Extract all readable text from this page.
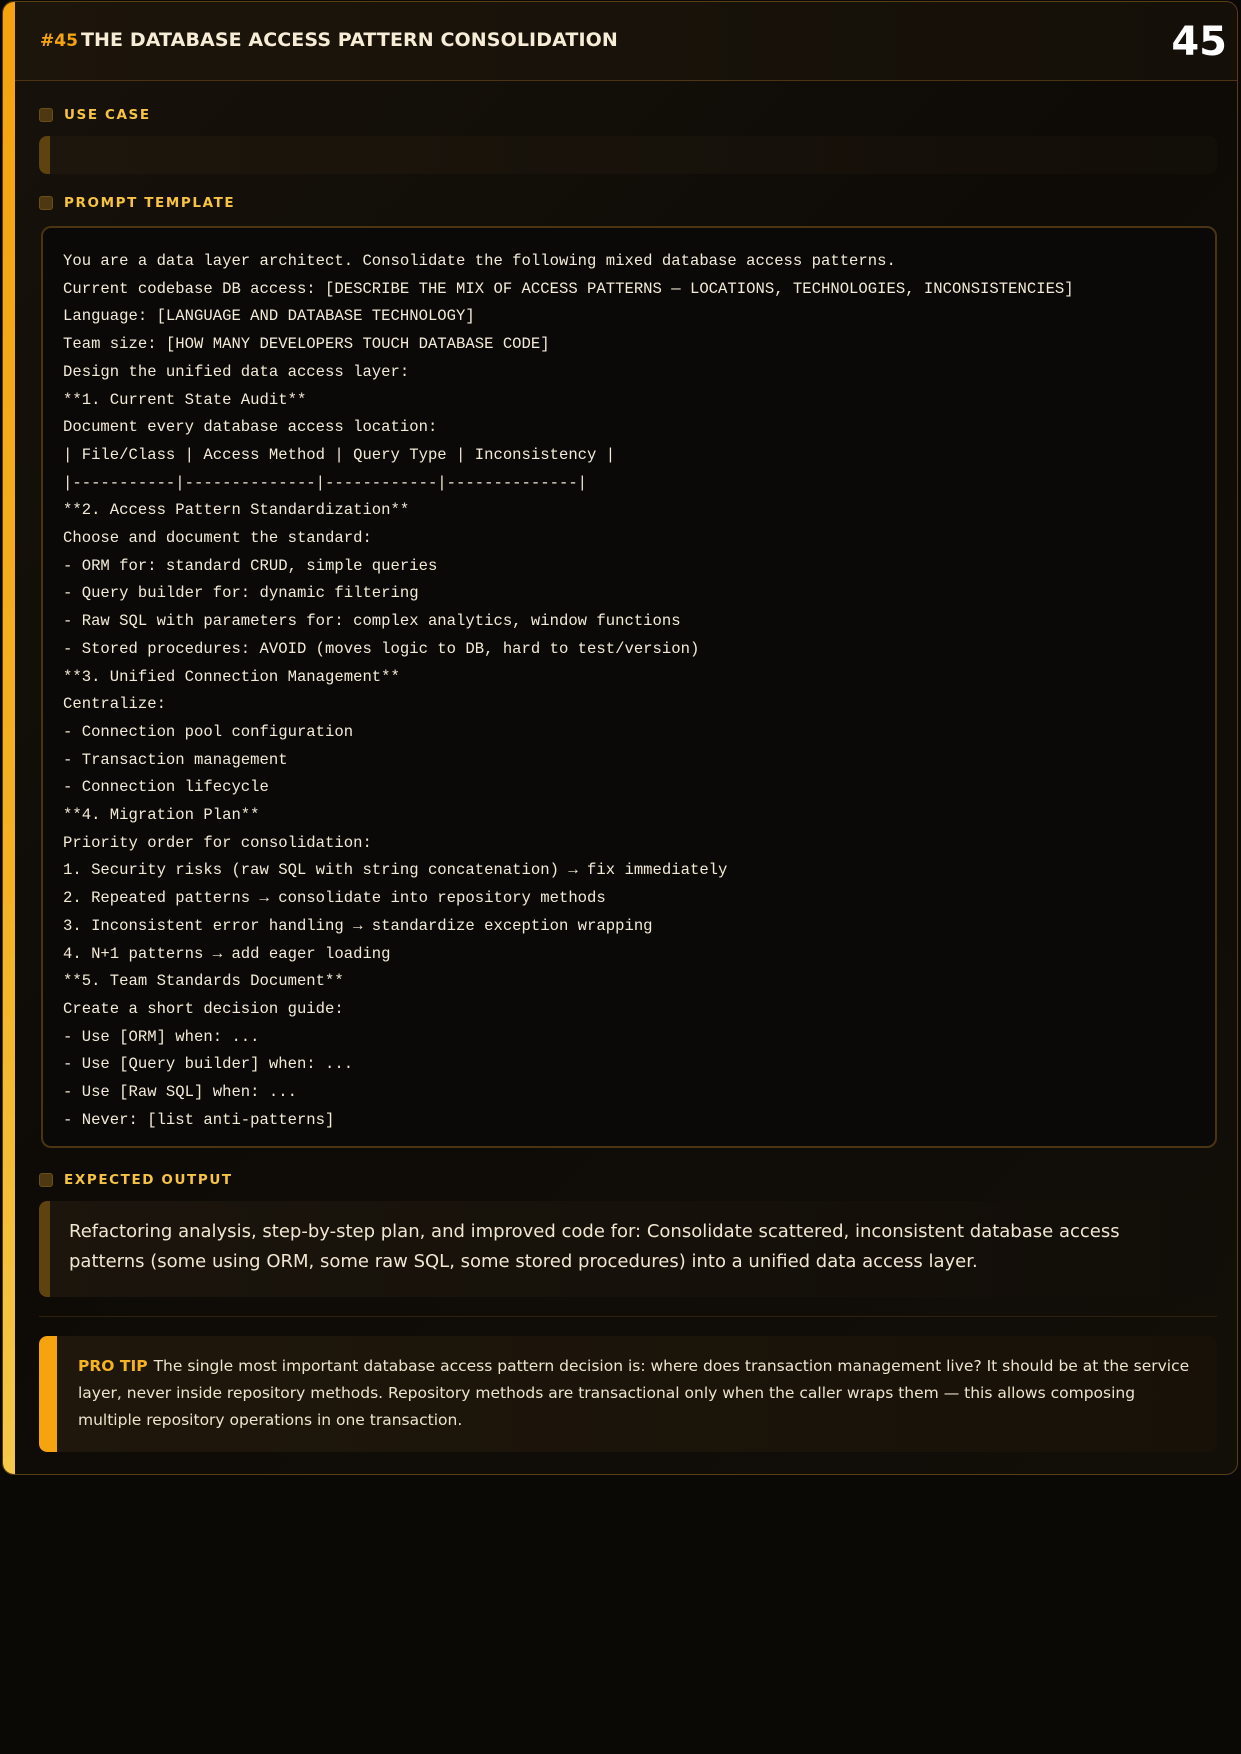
#45 THE DATABASE ACCESS PATTERN CONSOLIDATION	45
USE CASE
PROMPT TEMPLATE
You are a data layer architect. Consolidate the following mixed database access patterns.
Current codebase DB access: [DESCRIBE THE MIX OF ACCESS PATTERNS — LOCATIONS, TECHNOLOGIES, INCONSISTENCIES]
Language: [LANGUAGE AND DATABASE TECHNOLOGY]
Team size: [HOW MANY DEVELOPERS TOUCH DATABASE CODE]
Design the unified data access layer:
**1. Current State Audit**
Document every database access location:
| File/Class | Access Method | Query Type | Inconsistency |
|-----------|--------------|------------|--------------|
**2. Access Pattern Standardization**
Choose and document the standard:
- ORM for: standard CRUD, simple queries
- Query builder for: dynamic filtering
- Raw SQL with parameters for: complex analytics, window functions
- Stored procedures: AVOID (moves logic to DB, hard to test/version)
**3. Unified Connection Management**
Centralize:
- Connection pool configuration
- Transaction management
- Connection lifecycle
**4. Migration Plan**
Priority order for consolidation:
1. Security risks (raw SQL with string concatenation) → fix immediately
2. Repeated patterns → consolidate into repository methods
3. Inconsistent error handling → standardize exception wrapping
4. N+1 patterns → add eager loading
**5. Team Standards Document**
Create a short decision guide:
- Use [ORM] when: ...
- Use [Query builder] when: ...
- Use [Raw SQL] when: ...
- Never: [list anti-patterns]
EXPECTED OUTPUT
Refactoring analysis, step-by-step plan, and improved code for: Consolidate scattered, inconsistent database access patterns (some using ORM, some raw SQL, some stored procedures) into a unified data access layer.
PRO TIP The single most important database access pattern decision is: where does transaction management live? It should be at the service layer, never inside repository methods. Repository methods are transactional only when the caller wraps them — this allows composing multiple repository operations in one transaction.
